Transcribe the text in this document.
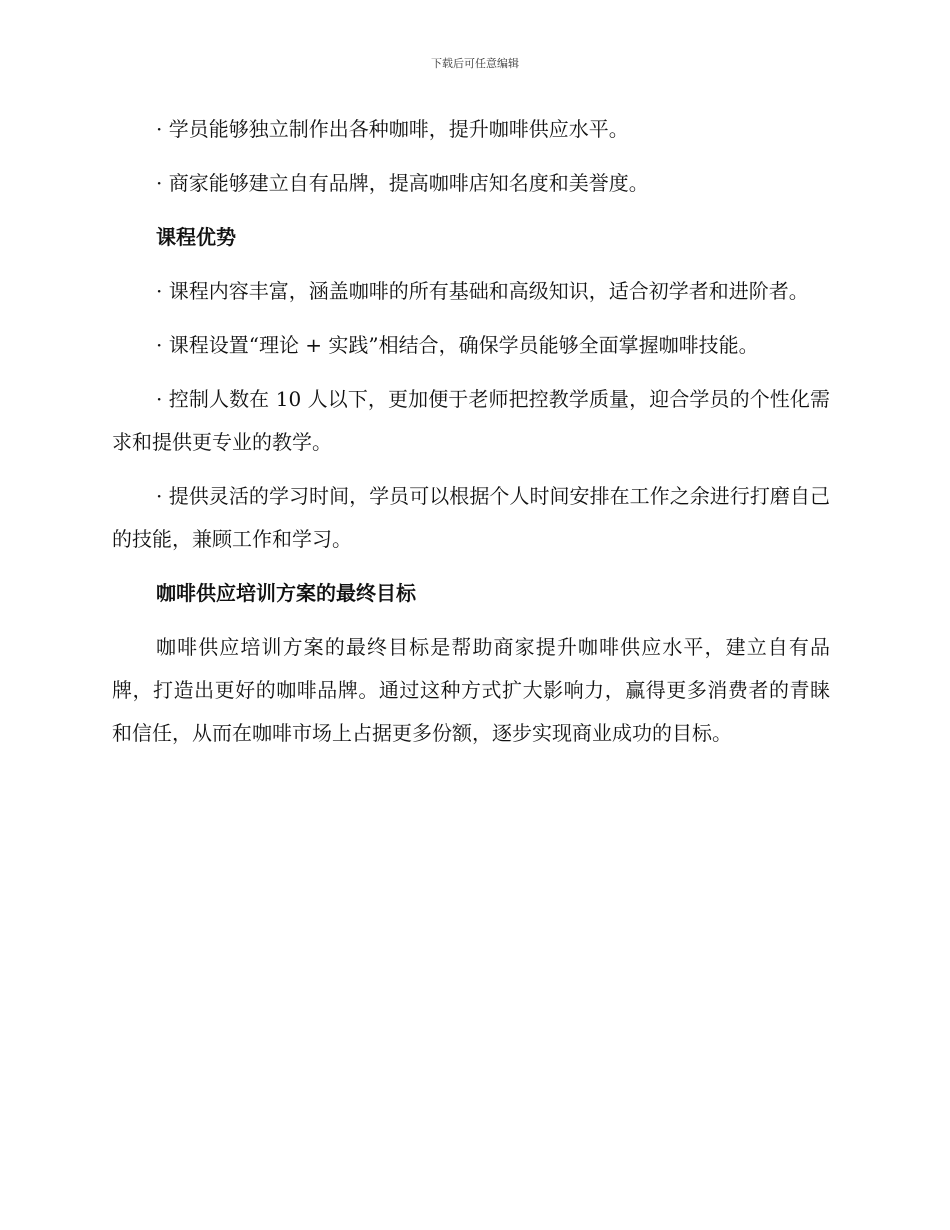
下载后可任意编辑

· 学员能够独立制作出各种咖啡，提升咖啡供应水平。

· 商家能够建立自有品牌，提高咖啡店知名度和美誉度。

课程优势

· 课程内容丰富，涵盖咖啡的所有基础和高级知识，适合初学者和进阶者。

· 课程设置“理论 + 实践”相结合，确保学员能够全面掌握咖啡技能。

· 控制人数在 10 人以下，更加便于老师把控教学质量，迎合学员的个性化需求和提供更专业的教学。

· 提供灵活的学习时间，学员可以根据个人时间安排在工作之余进行打磨自己的技能，兼顾工作和学习。

咖啡供应培训方案的最终目标

咖啡供应培训方案的最终目标是帮助商家提升咖啡供应水平，建立自有品牌，打造出更好的咖啡品牌。通过这种方式扩大影响力，赢得更多消费者的青睐和信任，从而在咖啡市场上占据更多份额，逐步实现商业成功的目标。
